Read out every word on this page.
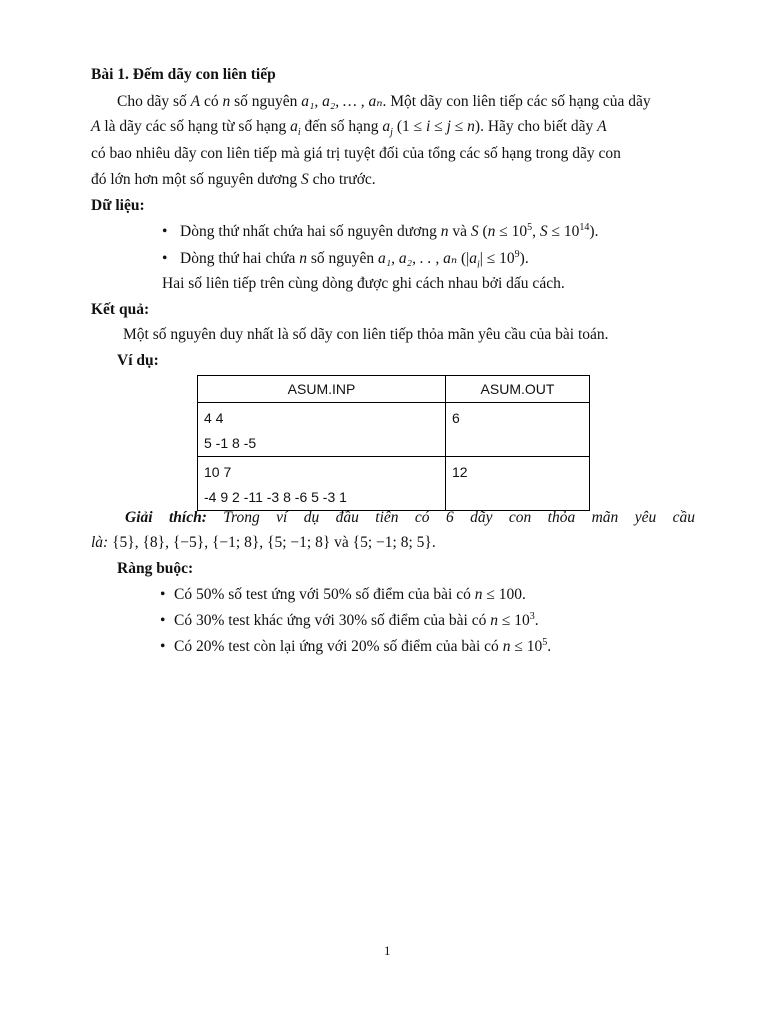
Bài 1. Đếm dãy con liên tiếp
Cho dãy số A có n số nguyên a₁, a₂, … , aₙ. Một dãy con liên tiếp các số hạng của dãy
A là dãy các số hạng từ số hạng $a_i$ đến số hạng $a_j$ (1 ≤ i ≤ j ≤ n). Hãy cho biết dãy A
có bao nhiêu dãy con liên tiếp mà giá trị tuyệt đối của tổng các số hạng trong dãy con
đó lớn hơn một số nguyên dương S cho trước.
Dữ liệu:
• Dòng thứ nhất chứa hai số nguyên dương n và S ($n \le 10^5$, $S \le 10^{14}$).
• Dòng thứ hai chứa n số nguyên a₁, a₂, . . , aₙ $(|a_i| \le 10^9)$.
Hai số liên tiếp trên cùng dòng được ghi cách nhau bởi dấu cách.
Kết quả:
Một số nguyên duy nhất là số dãy con liên tiếp thỏa mãn yêu cầu của bài toán.
Ví dụ:
ASUM.INP	ASUM.OUT

4 4
5 -1 8 -5	6

10 7
-4 9 2 -11 -3 8 -6 5 -3 1	12
Giải thích: Trong ví dụ đầu tiên có 6 dãy con thỏa mãn yêu cầu
là: {5}, {8}, {−5}, {−1; 8}, {5; −1; 8} và {5; −1; 8; 5}.
Ràng buộc:
• Có 50% số test ứng với 50% số điểm của bài có n ≤ 100.
• Có 30% test khác ứng với 30% số điểm của bài có $n \le 10^3$.
• Có 20% test còn lại ứng với 20% số điểm của bài có $n \le 10^5$.
1
